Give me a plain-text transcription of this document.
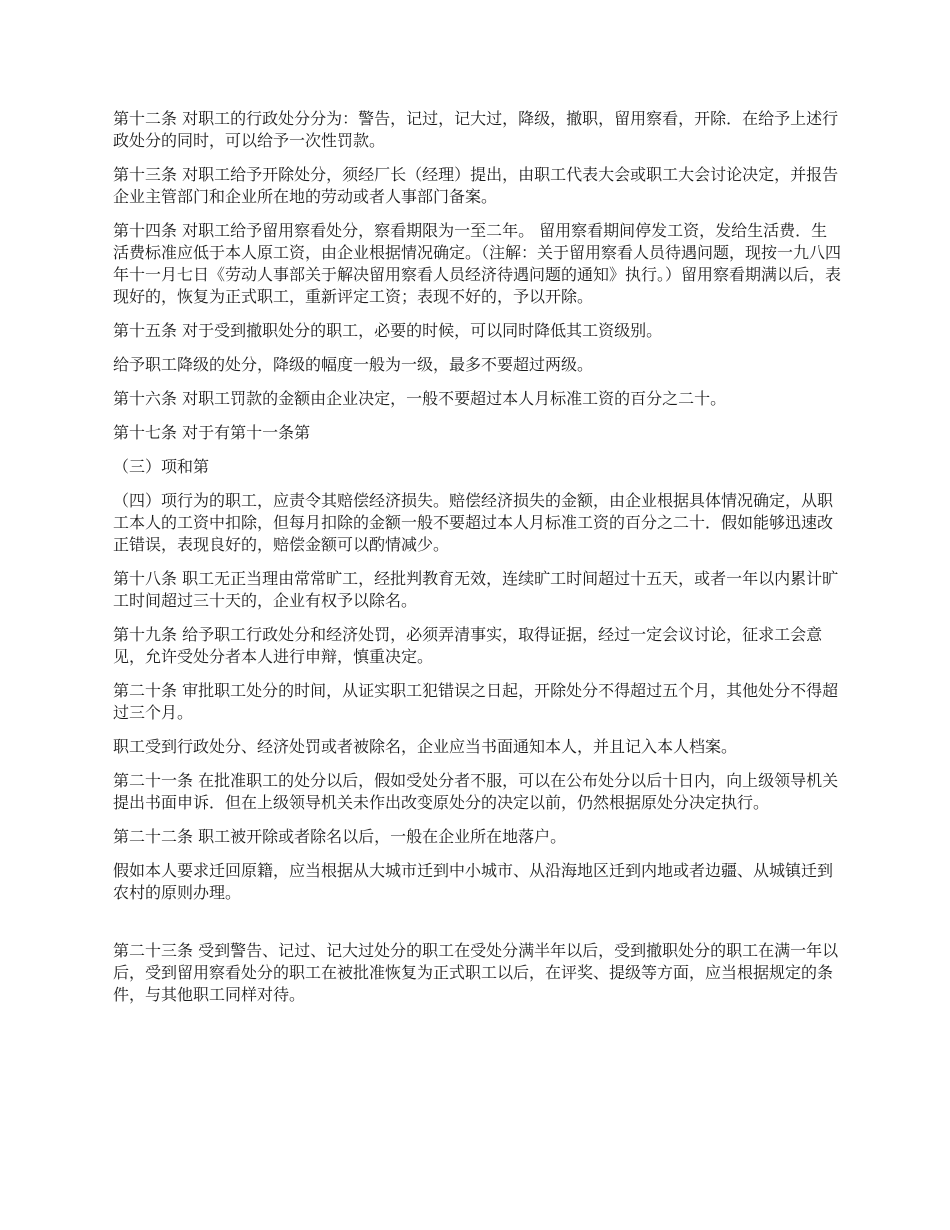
第十二条 对职工的行政处分分为：警告，记过，记大过，降级，撤职，留用察看，开除．在给予上述行政处分的同时，可以给予一次性罚款。

第十三条 对职工给予开除处分，须经厂长（经理）提出，由职工代表大会或职工大会讨论决定，并报告企业主管部门和企业所在地的劳动或者人事部门备案。

第十四条 对职工给予留用察看处分，察看期限为一至二年。 留用察看期间停发工资，发给生活费．生活费标准应低于本人原工资，由企业根据情况确定。（注解：关于留用察看人员待遇问题，现按一九八四年十一月七日《劳动人事部关于解决留用察看人员经济待遇问题的通知》执行。）留用察看期满以后，表现好的，恢复为正式职工，重新评定工资；表现不好的，予以开除。

第十五条 对于受到撤职处分的职工，必要的时候，可以同时降低其工资级别。

给予职工降级的处分，降级的幅度一般为一级，最多不要超过两级。

第十六条 对职工罚款的金额由企业决定，一般不要超过本人月标准工资的百分之二十。

第十七条 对于有第十一条第

（三）项和第

（四）项行为的职工，应责令其赔偿经济损失。赔偿经济损失的金额，由企业根据具体情况确定，从职工本人的工资中扣除，但每月扣除的金额一般不要超过本人月标准工资的百分之二十．假如能够迅速改正错误，表现良好的，赔偿金额可以酌情减少。

第十八条 职工无正当理由常常旷工，经批判教育无效，连续旷工时间超过十五天，或者一年以内累计旷工时间超过三十天的，企业有权予以除名。

第十九条 给予职工行政处分和经济处罚，必须弄清事实，取得证据，经过一定会议讨论，征求工会意见，允许受处分者本人进行申辩，慎重决定。

第二十条 审批职工处分的时间，从证实职工犯错误之日起，开除处分不得超过五个月，其他处分不得超过三个月。

职工受到行政处分、经济处罚或者被除名，企业应当书面通知本人，并且记入本人档案。

第二十一条 在批准职工的处分以后，假如受处分者不服，可以在公布处分以后十日内，向上级领导机关提出书面申诉．但在上级领导机关未作出改变原处分的决定以前，仍然根据原处分决定执行。

第二十二条 职工被开除或者除名以后，一般在企业所在地落户。

假如本人要求迁回原籍，应当根据从大城市迁到中小城市、从沿海地区迁到内地或者边疆、从城镇迁到农村的原则办理。

第二十三条 受到警告、记过、记大过处分的职工在受处分满半年以后，受到撤职处分的职工在满一年以后，受到留用察看处分的职工在被批准恢复为正式职工以后，在评奖、提级等方面，应当根据规定的条件，与其他职工同样对待。
